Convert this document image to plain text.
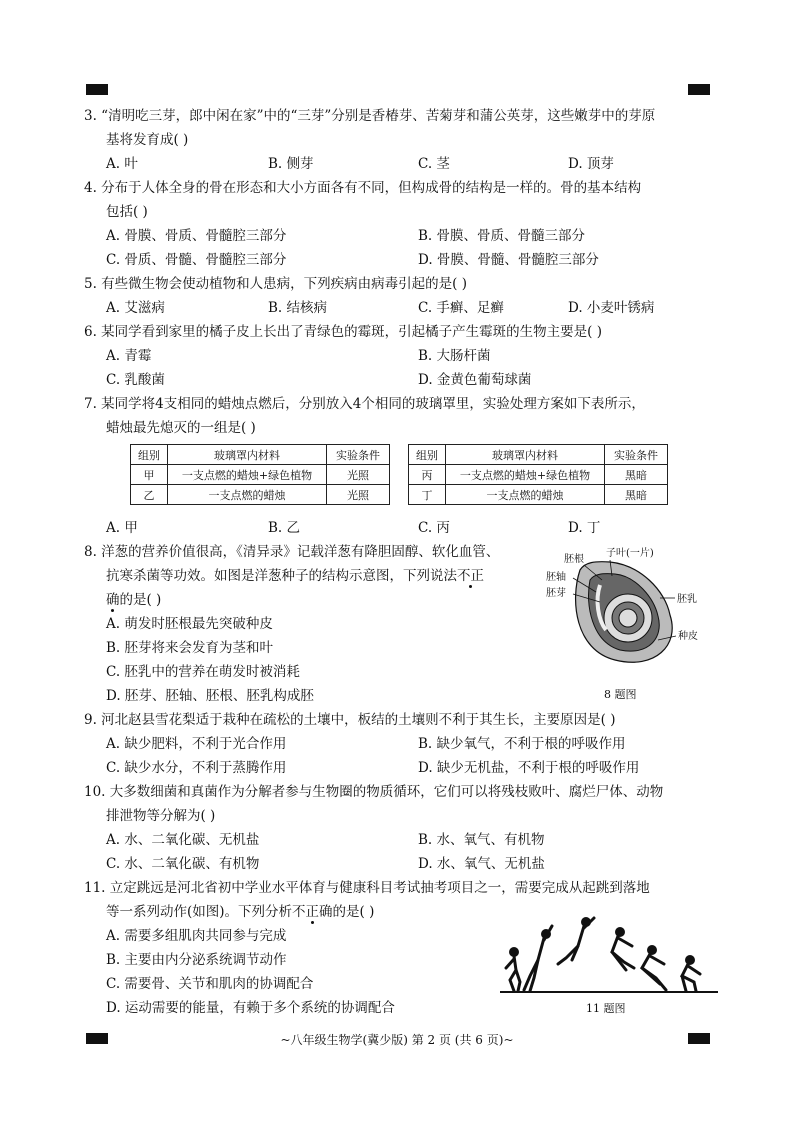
3. “清明吃三芽，郎中闲在家”中的“三芽”分别是香椿芽、苦菊芽和蒲公英芽，这些嫩芽中的芽原
基将发育成( )
A. 叶	B. 侧芽	C. 茎	D. 顶芽
4. 分布于人体全身的骨在形态和大小方面各有不同，但构成骨的结构是一样的。骨的基本结构
包括( )
A. 骨膜、骨质、骨髓腔三部分	B. 骨膜、骨质、骨髓三部分
C. 骨质、骨髓、骨髓腔三部分	D. 骨膜、骨髓、骨髓腔三部分
5. 有些微生物会使动植物和人患病，下列疾病由病毒引起的是( )
A. 艾滋病	B. 结核病	C. 手癣、足癣	D. 小麦叶锈病
6. 某同学看到家里的橘子皮上长出了青绿色的霉斑，引起橘子产生霉斑的生物主要是( )
A. 青霉	B. 大肠杆菌
C. 乳酸菌	D. 金黄色葡萄球菌
7. 某同学将4支相同的蜡烛点燃后，分别放入4个相同的玻璃罩里，实验处理方案如下表所示，
蜡烛最先熄灭的一组是( )
组别	玻璃罩内材料	实验条件
甲	一支点燃的蜡烛+绿色植物	光照
乙	一支点燃的蜡烛	光照
组别	玻璃罩内材料	实验条件
丙	一支点燃的蜡烛+绿色植物	黑暗
丁	一支点燃的蜡烛	黑暗
A. 甲	B. 乙	C. 丙	D. 丁
8. 洋葱的营养价值很高，《清异录》记载洋葱有降胆固醇、软化血管、
抗寒杀菌等功效。如图是洋葱种子的结构示意图，下列说法不正
确的是( )
A. 萌发时胚根最先突破种皮
B. 胚芽将来会发育为茎和叶
C. 胚乳中的营养在萌发时被消耗
D. 胚芽、胚轴、胚根、胚乳构成胚
胚根
子叶(一片)
胚轴
胚芽
胚乳
种皮
8 题图
9. 河北赵县雪花梨适于栽种在疏松的土壤中，板结的土壤则不利于其生长，主要原因是( )
A. 缺少肥料，不利于光合作用	B. 缺少氧气，不利于根的呼吸作用
C. 缺少水分，不利于蒸腾作用	D. 缺少无机盐，不利于根的呼吸作用
10. 大多数细菌和真菌作为分解者参与生物圈的物质循环，它们可以将残枝败叶、腐烂尸体、动物
排泄物等分解为( )
A. 水、二氧化碳、无机盐	B. 水、氧气、有机物
C. 水、二氧化碳、有机物	D. 水、氧气、无机盐
11. 立定跳远是河北省初中学业水平体育与健康科目考试抽考项目之一，需要完成从起跳到落地
等一系列动作(如图)。下列分析不正确的是( )
A. 需要多组肌肉共同参与完成
B. 主要由内分泌系统调节动作
C. 需要骨、关节和肌肉的协调配合
D. 运动需要的能量，有赖于多个系统的协调配合	11 题图
~八年级生物学(冀少版) 第 2 页 (共 6 页)~
